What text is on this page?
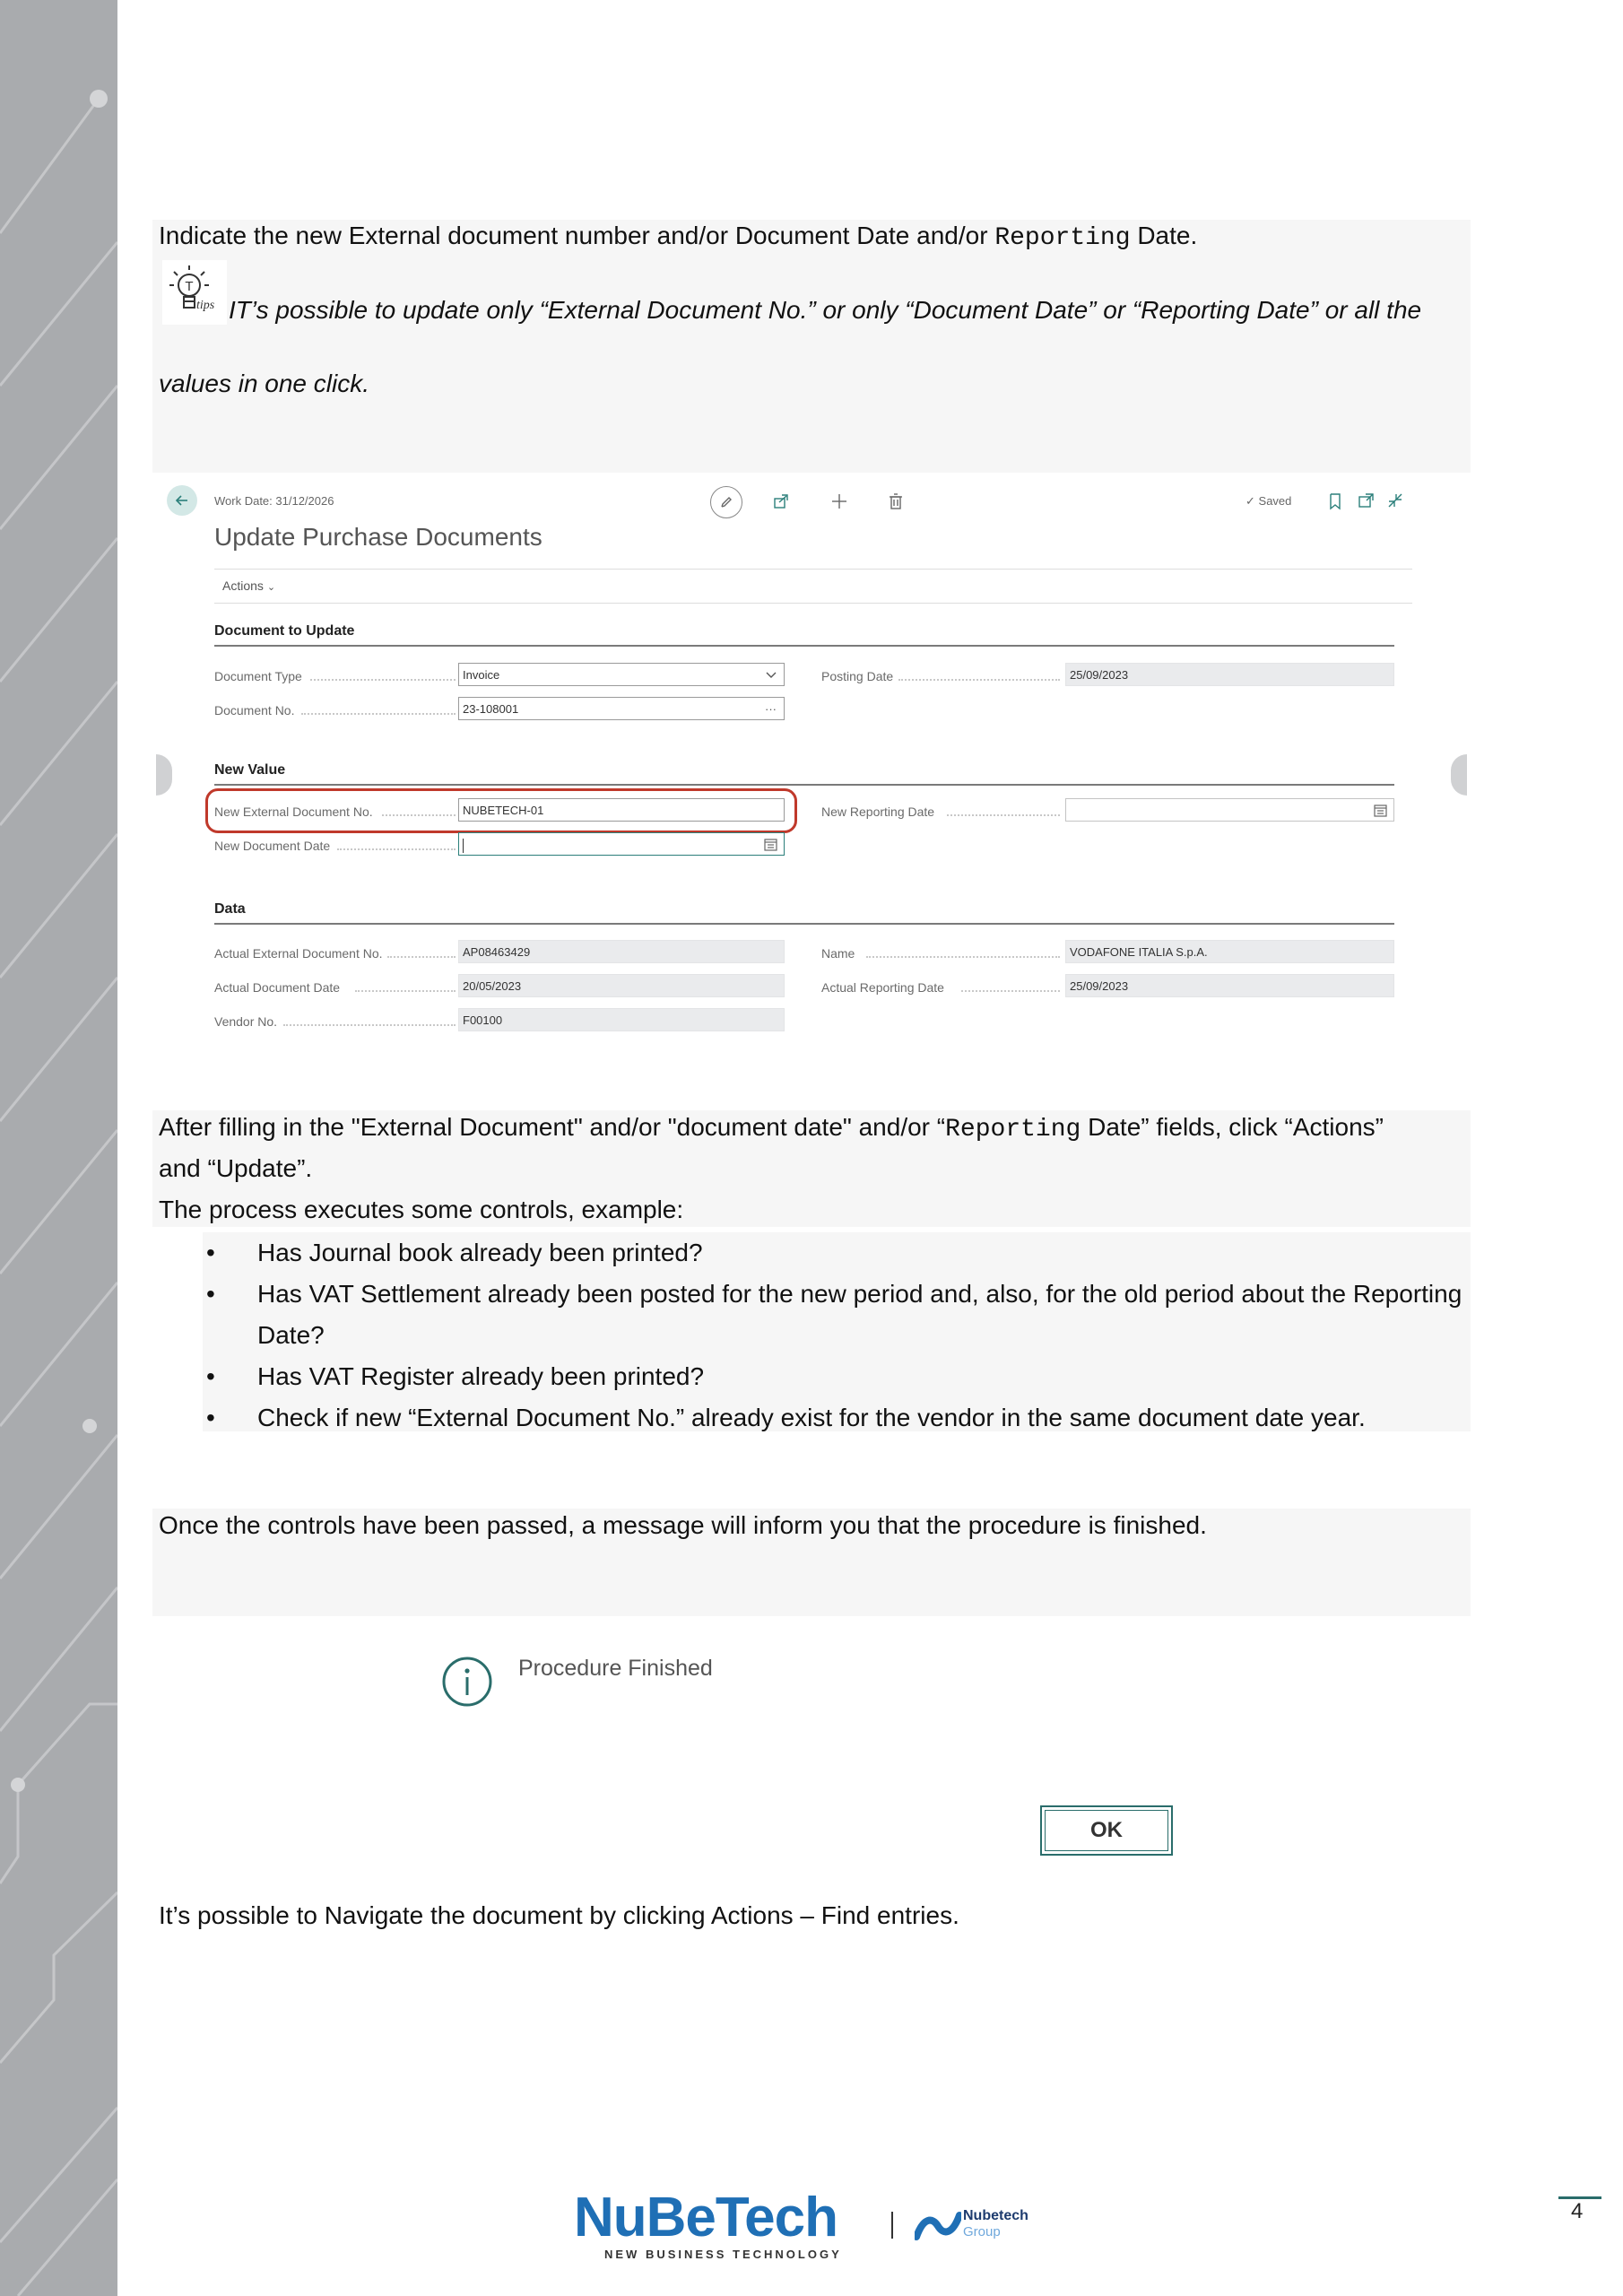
Indicate the new External document number and/or Document Date and/or Reporting Date.
T
tips IT’s possible to update only “External Document No.” or only “Document Date” or “Reporting Date” or all the
values in one click.
Work Date: 31/12/2026	✓ Saved
Update Purchase Documents
Actions ⌄
Document to Update
Document Type	Invoice
Document No.	23-108001	···
Posting Date	25/09/2023
New Value
New External Document No.	NUBETECH-01
New Document Date
New Reporting Date
Data
Actual External Document No.	AP08463429
Actual Document Date	20/05/2023
Vendor No.	F00100
Name	VODAFONE ITALIA S.p.A.
Actual Reporting Date	25/09/2023
After filling in the "External Document" and/or "document date" and/or “Reporting Date” fields, click “Actions”
and “Update”.
The process executes some controls, example:
• Has Journal book already been printed?
• Has VAT Settlement already been posted for the new period and, also, for the old period about the Reporting
Date?
• Has VAT Register already been printed?
• Check if new “External Document No.” already exist for the vendor in the same document date year.
Once the controls have been passed, a message will inform you that the procedure is finished.
Procedure Finished
OK
It’s possible to Navigate the document by clicking Actions – Find entries.
NuBeTech
NEW BUSINESS TECHNOLOGY
Nubetech
Group
4
